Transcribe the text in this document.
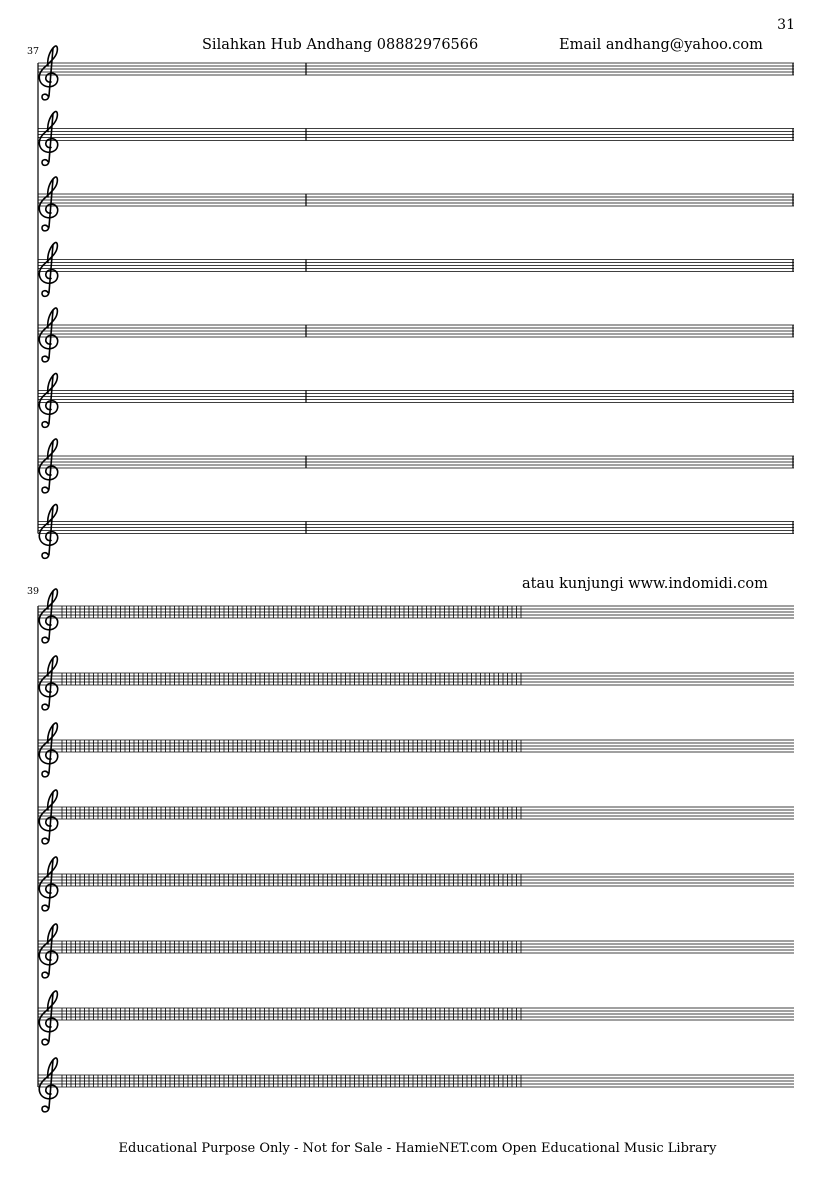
31
Silahkan Hub Andhang 08882976566	Email andhang@yahoo.com
atau kunjungi www.indomidi.com
Educational Purpose Only - Not for Sale - HamieNET.com Open Educational Music Library
37
39
